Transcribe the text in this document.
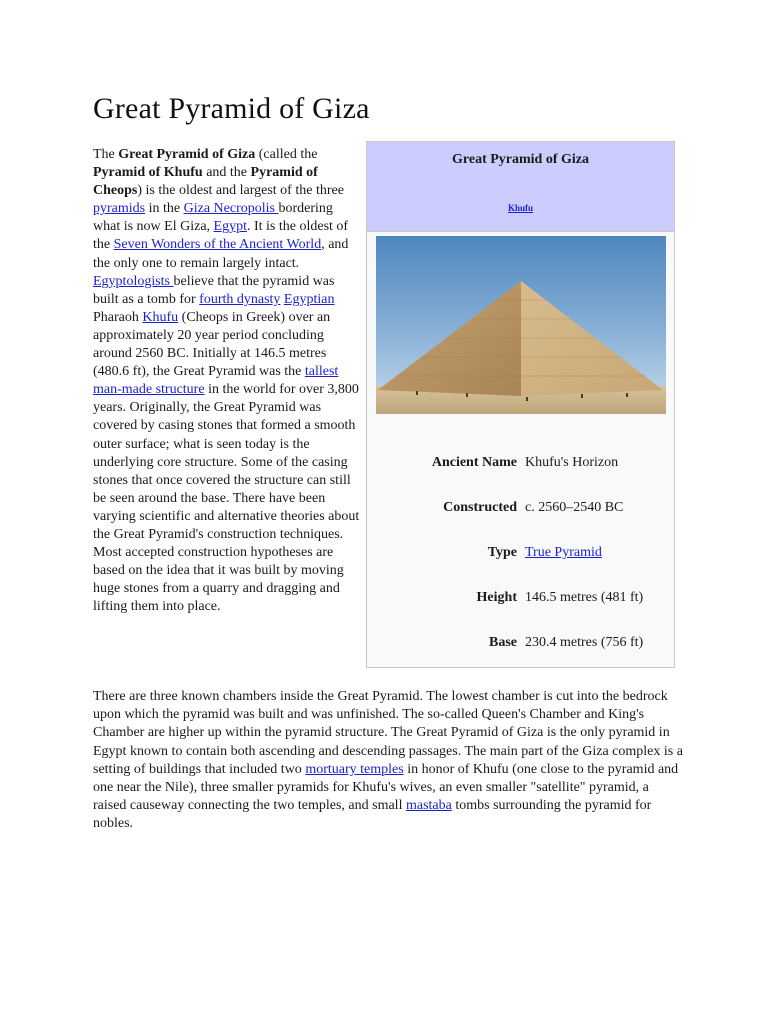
Great Pyramid of Giza

The Great Pyramid of Giza (called the Pyramid of Khufu and the Pyramid of Cheops) is the oldest and largest of the three pyramids in the Giza Necropolis bordering what is now El Giza, Egypt. It is the oldest of the Seven Wonders of the Ancient World, and the only one to remain largely intact. Egyptologists believe that the pyramid was built as a tomb for fourth dynasty Egyptian Pharaoh Khufu (Cheops in Greek) over an approximately 20 year period concluding around 2560 BC. Initially at 146.5 metres (480.6 ft), the Great Pyramid was the tallest man-made structure in the world for over 3,800 years. Originally, the Great Pyramid was covered by casing stones that formed a smooth outer surface; what is seen today is the underlying core structure. Some of the casing stones that once covered the structure can still be seen around the base. There have been varying scientific and alternative theories about the Great Pyramid's construction techniques. Most accepted construction hypotheses are based on the idea that it was built by moving huge stones from a quarry and dragging and lifting them into place.

Great Pyramid of Giza
Khufu
Ancient Name Khufu's Horizon
Constructed c. 2560–2540 BC
Type True Pyramid
Height 146.5 metres (481 ft)
Base 230.4 metres (756 ft)

There are three known chambers inside the Great Pyramid. The lowest chamber is cut into the bedrock upon which the pyramid was built and was unfinished. The so-called Queen's Chamber and King's Chamber are higher up within the pyramid structure. The Great Pyramid of Giza is the only pyramid in Egypt known to contain both ascending and descending passages. The main part of the Giza complex is a setting of buildings that included two mortuary temples in honor of Khufu (one close to the pyramid and one near the Nile), three smaller pyramids for Khufu's wives, an even smaller "satellite" pyramid, a raised causeway connecting the two temples, and small mastaba tombs surrounding the pyramid for nobles.
